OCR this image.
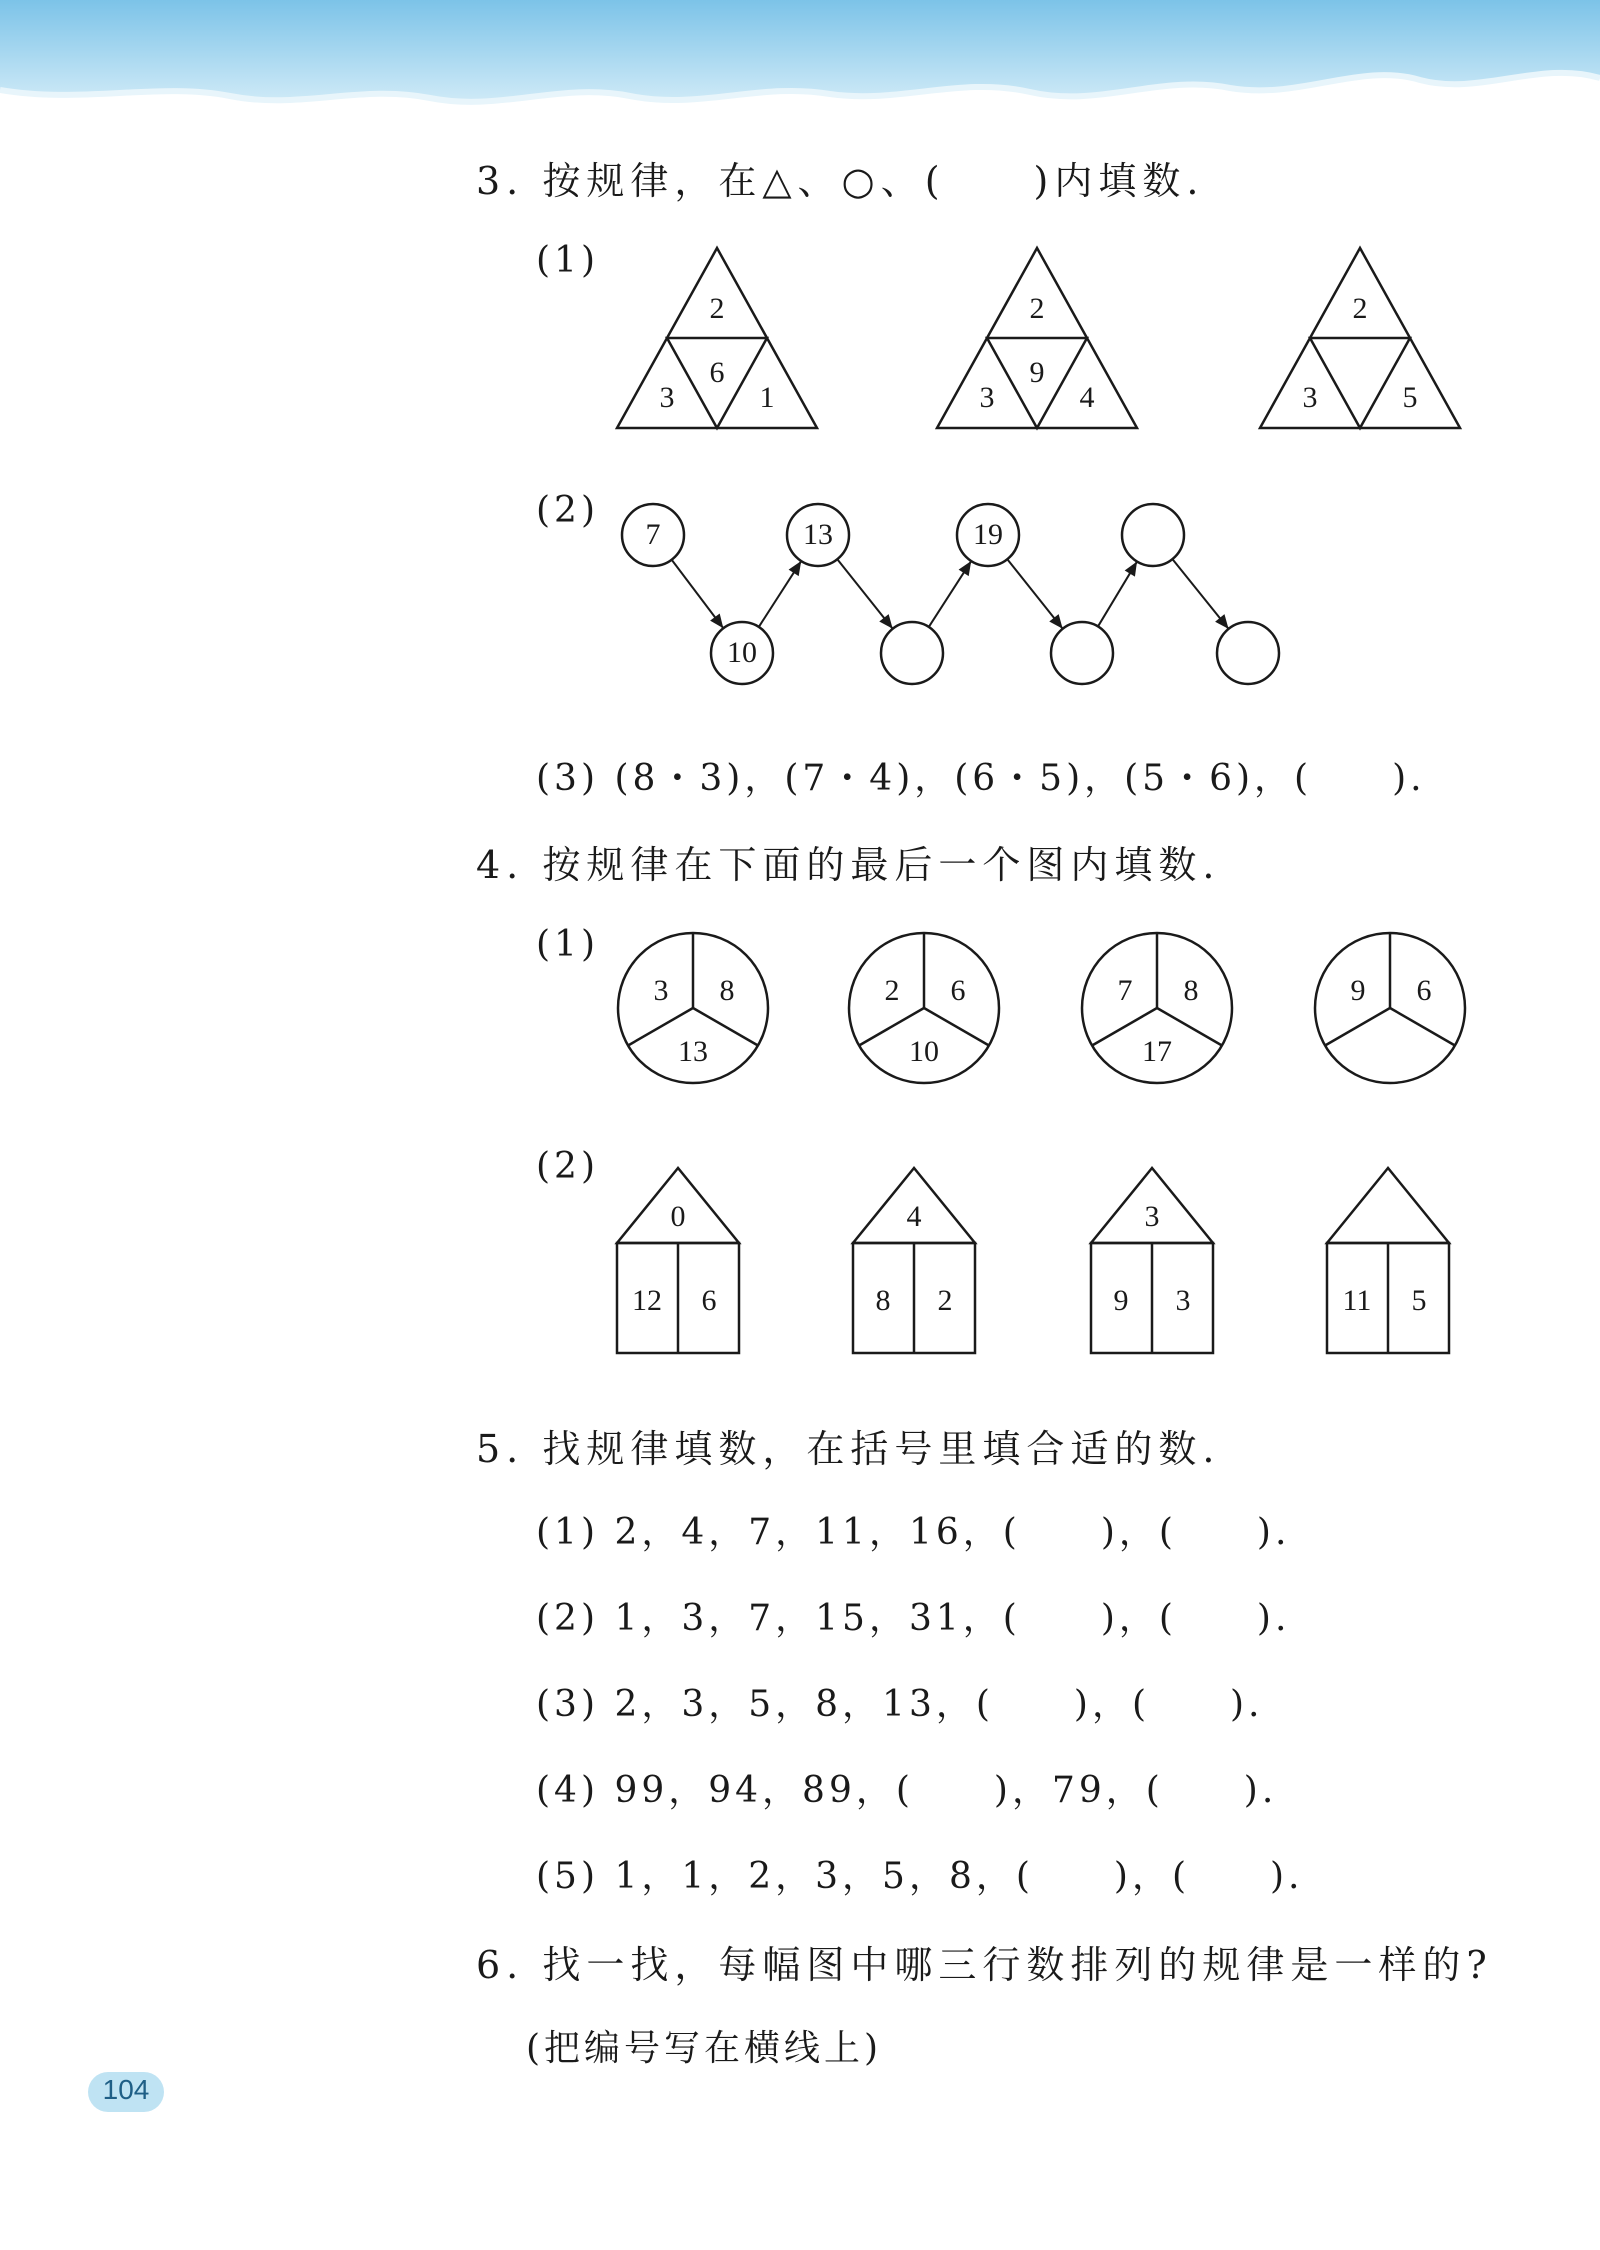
3. 按规律，在△、○、(　　)内填数.
(1)
(2)
(3) (8・3)，(7・4)，(6・5)，(5・6)，(　　).
4. 按规律在下面的最后一个图内填数.
(1)
(2)
5. 找规律填数，在括号里填合适的数.
(1) 2，4，7，11，16，(　　)，(　　).
(2) 1，3，7，15，31，(　　)，(　　).
(3) 2，3，5，8，13，(　　)，(　　).
(4) 99，94，89，(　　)，79，(　　).
(5) 1，1，2，3，5，8，(　　)，(　　).
6. 找一找，每幅图中哪三行数排列的规律是一样的?
(把编号写在横线上)
2
6
3	1
2
9
3	4
2
3	5
7
10
13	19
3 8
13
2 6
10
7 8
17
9 6
0
12 6
4
8 2
3
9 3	11 5
104
